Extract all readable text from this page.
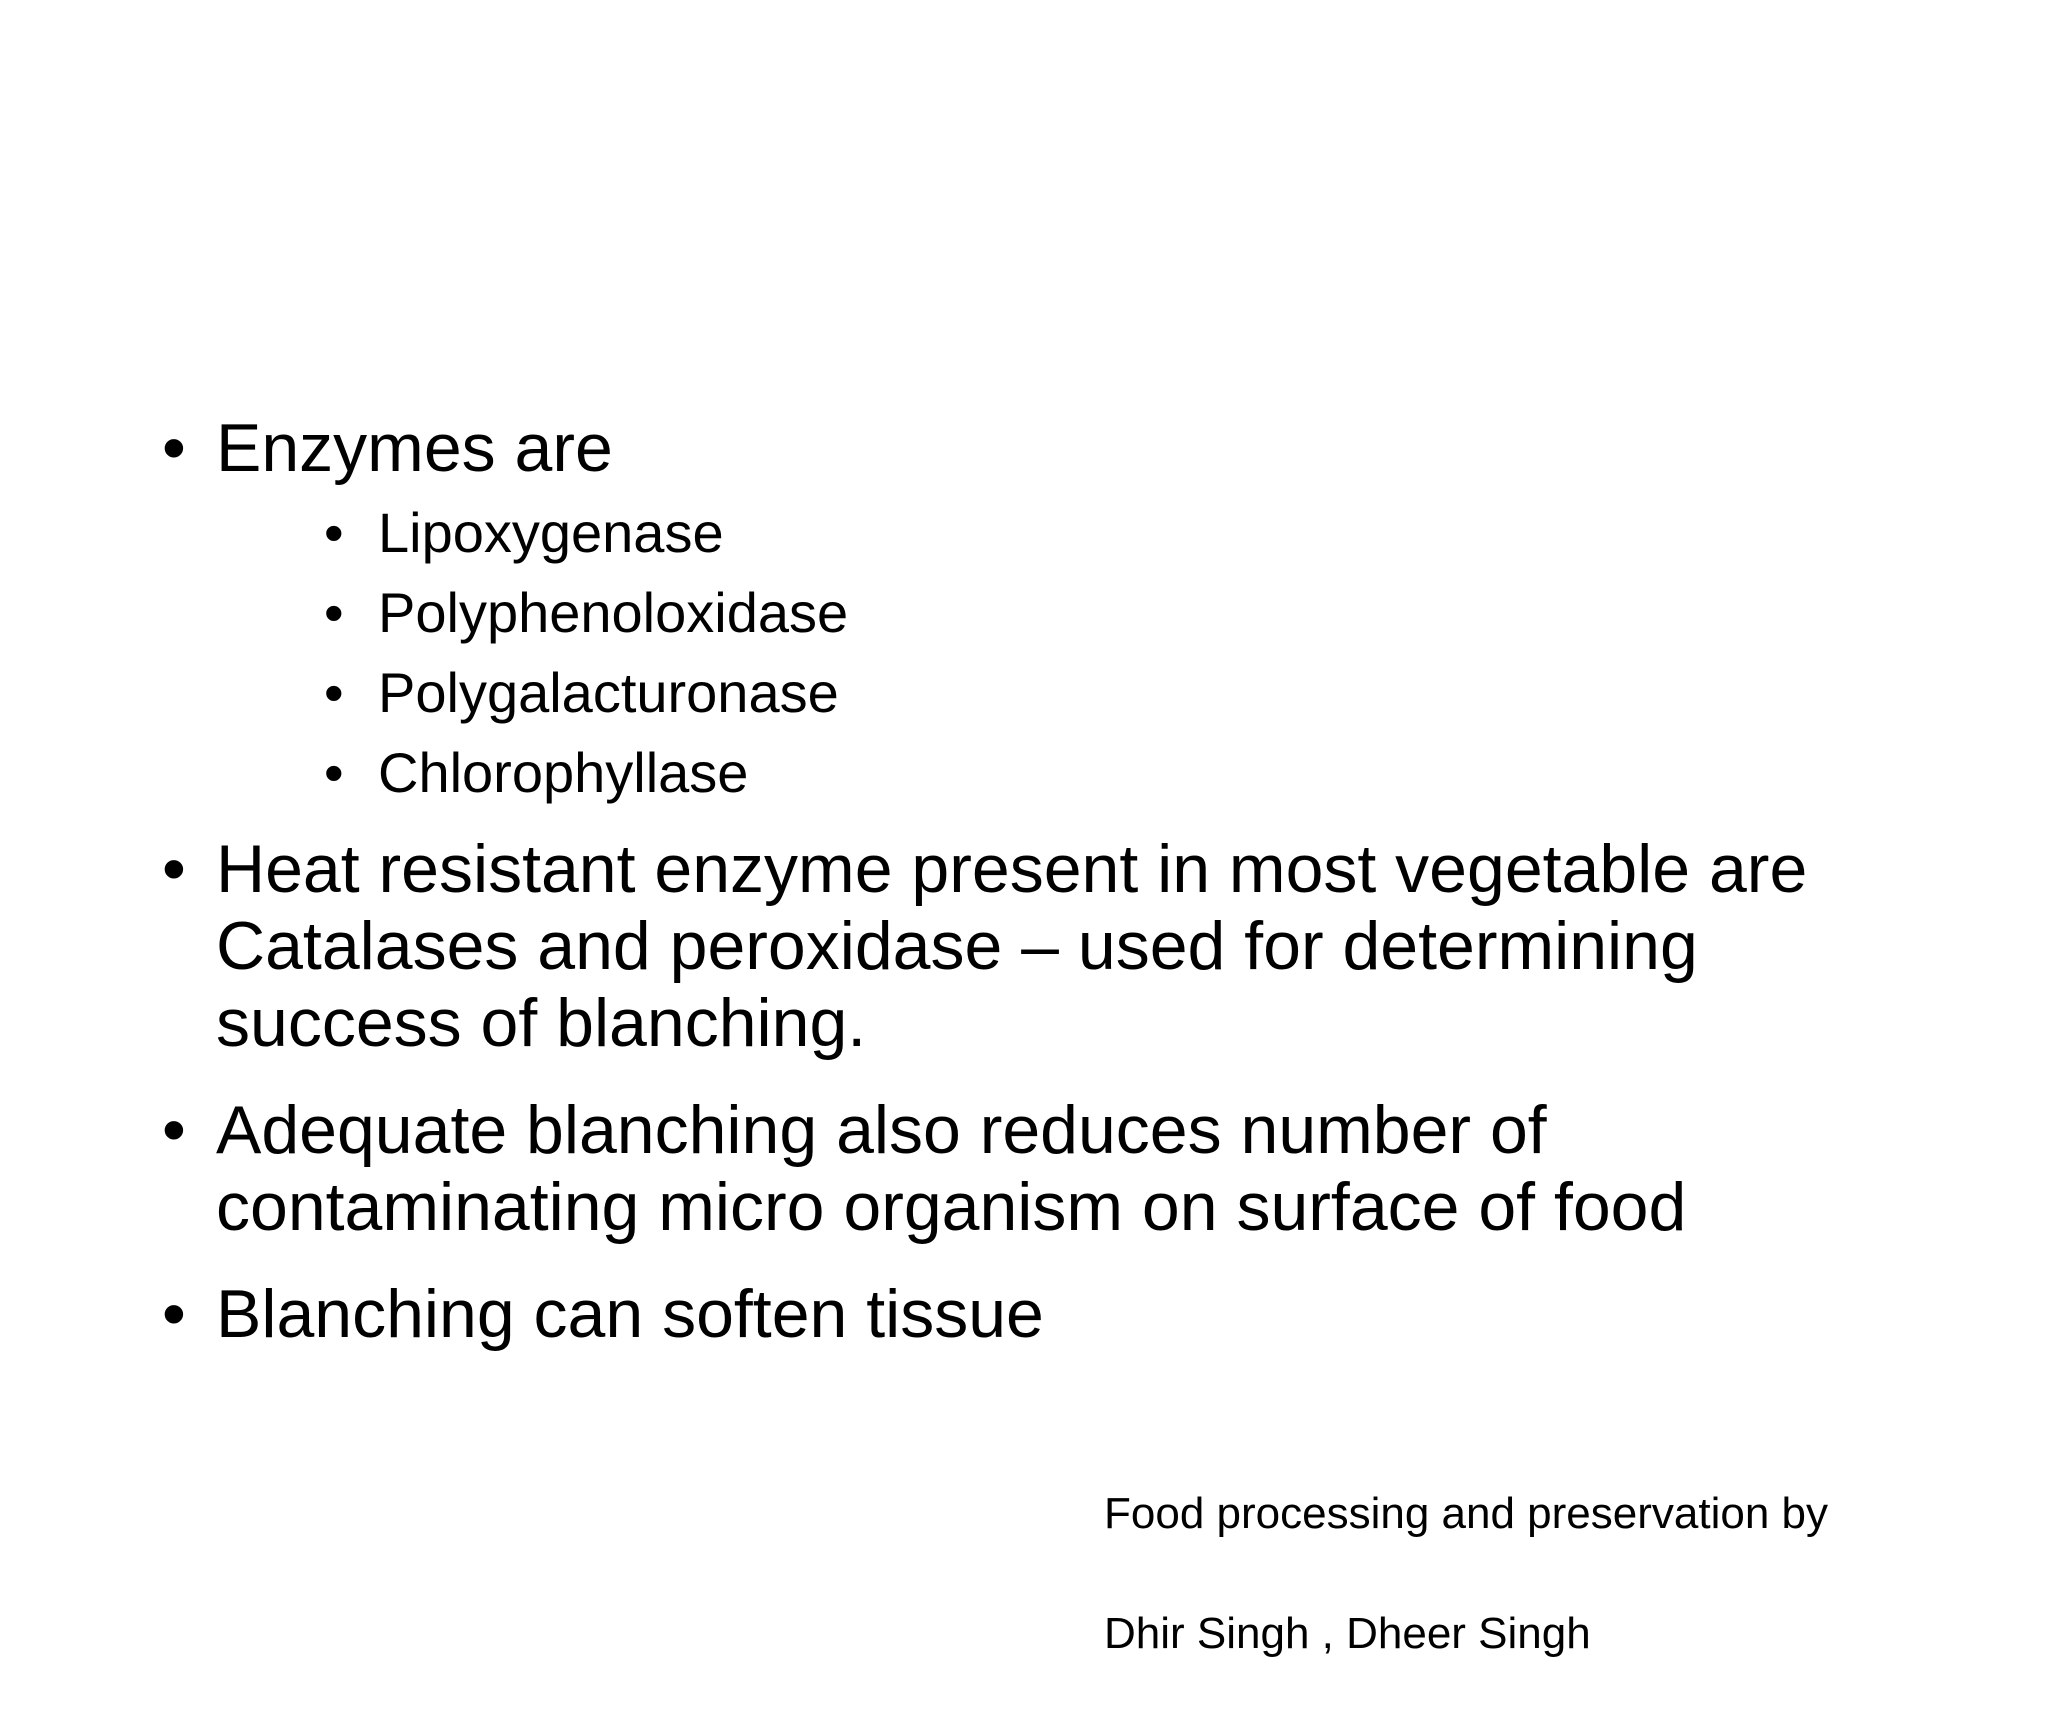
• Enzymes are
• Lipoxygenase
• Polyphenoloxidase
• Polygalacturonase
• Chlorophyllase
• Heat resistant enzyme present in most vegetable are Catalases and peroxidase – used for determining success of blanching.
• Adequate blanching also reduces number of contaminating micro organism on surface of food
• Blanching can soften tissue

Food processing and preservation by

Dhir Singh , Dheer Singh
